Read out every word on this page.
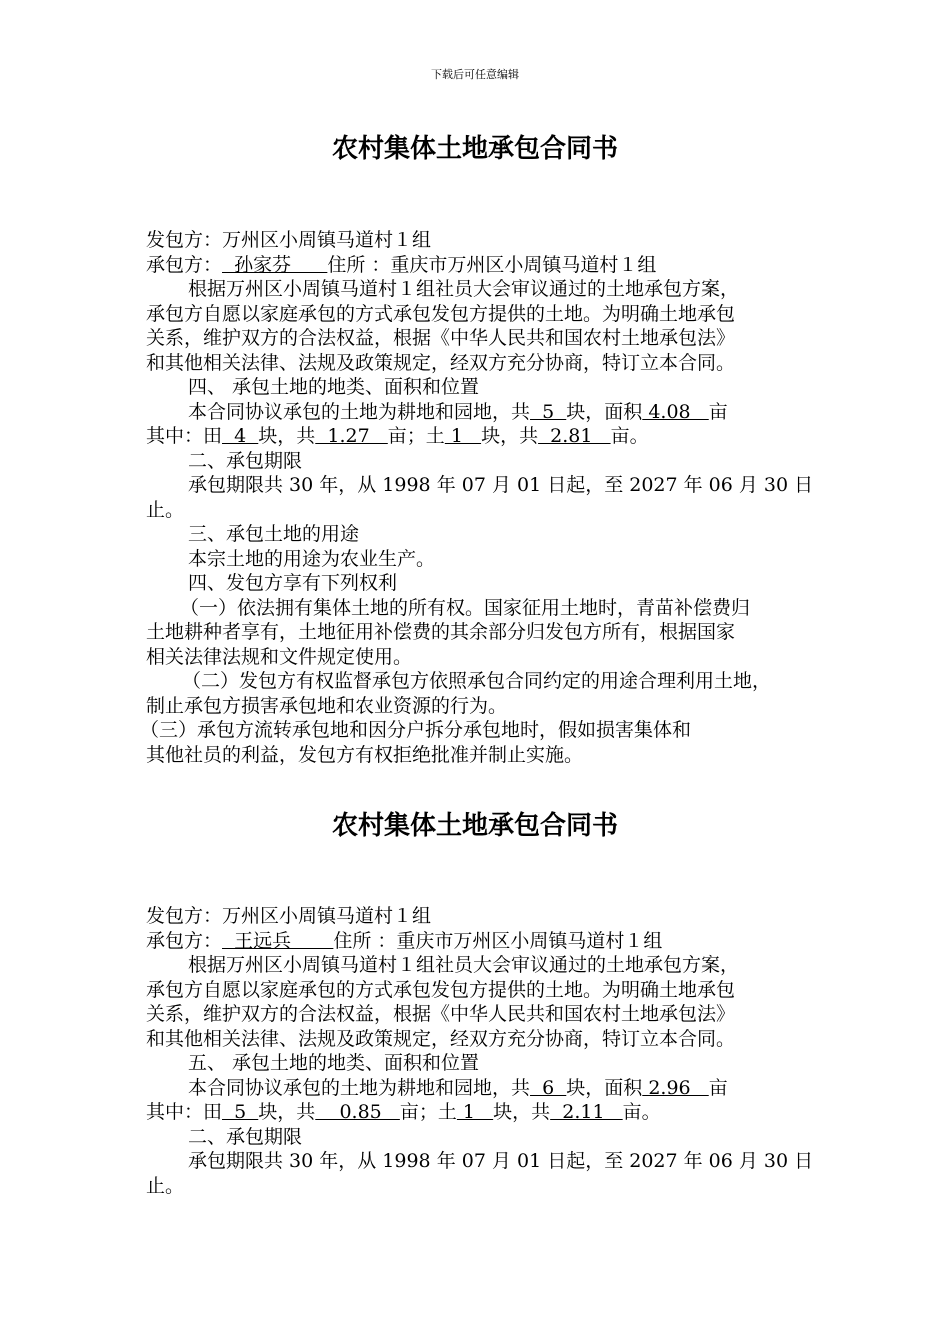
下载后可任意编辑
农村集体土地承包合同书
发包方：万州区小周镇马道村１组
承包方：  孙家芬      住所 ：重庆市万州区小周镇马道村１组
根据万州区小周镇马道村１组社员大会审议通过的土地承包方案，
承包方自愿以家庭承包的方式承包发包方提供的土地。为明确土地承包
关系，维护双方的合法权益，根据《中华人民共和国农村土地承包法》
和其他相关法律、法规及政策规定，经双方充分协商，特订立本合同。
四、 承包土地的地类、面积和位置
本合同协议承包的土地为耕地和园地，共  5  块，面积 4.08   亩
其中：田  4  块，共  1.27   亩；土 1   块，共  2.81   亩。
二、承包期限
承包期限共 30 年，从 1998 年 07 月 01 日起，至 2027 年 06 月 30 日
止。
三、承包土地的用途
本宗土地的用途为农业生产。
四、发包方享有下列权利
（一）依法拥有集体土地的所有权。国家征用土地时，青苗补偿费归
土地耕种者享有，土地征用补偿费的其余部分归发包方所有，根据国家
相关法律法规和文件规定使用。
（二）发包方有权监督承包方依照承包合同约定的用途合理利用土地，
制止承包方损害承包地和农业资源的行为。
（三）承包方流转承包地和因分户拆分承包地时，假如损害集体和
其他社员的利益，发包方有权拒绝批准并制止实施。
农村集体土地承包合同书
发包方：万州区小周镇马道村１组
承包方：  王远兵       住所 ：重庆市万州区小周镇马道村１组
根据万州区小周镇马道村１组社员大会审议通过的土地承包方案，
承包方自愿以家庭承包的方式承包发包方提供的土地。为明确土地承包
关系，维护双方的合法权益，根据《中华人民共和国农村土地承包法》
和其他相关法律、法规及政策规定，经双方充分协商，特订立本合同。
五、 承包土地的地类、面积和位置
本合同协议承包的土地为耕地和园地，共  6  块，面积 2.96   亩
其中：田  5  块，共    0.85   亩；土 1   块，共  2.11   亩。
二、承包期限
承包期限共 30 年，从 1998 年 07 月 01 日起，至 2027 年 06 月 30 日
止。
